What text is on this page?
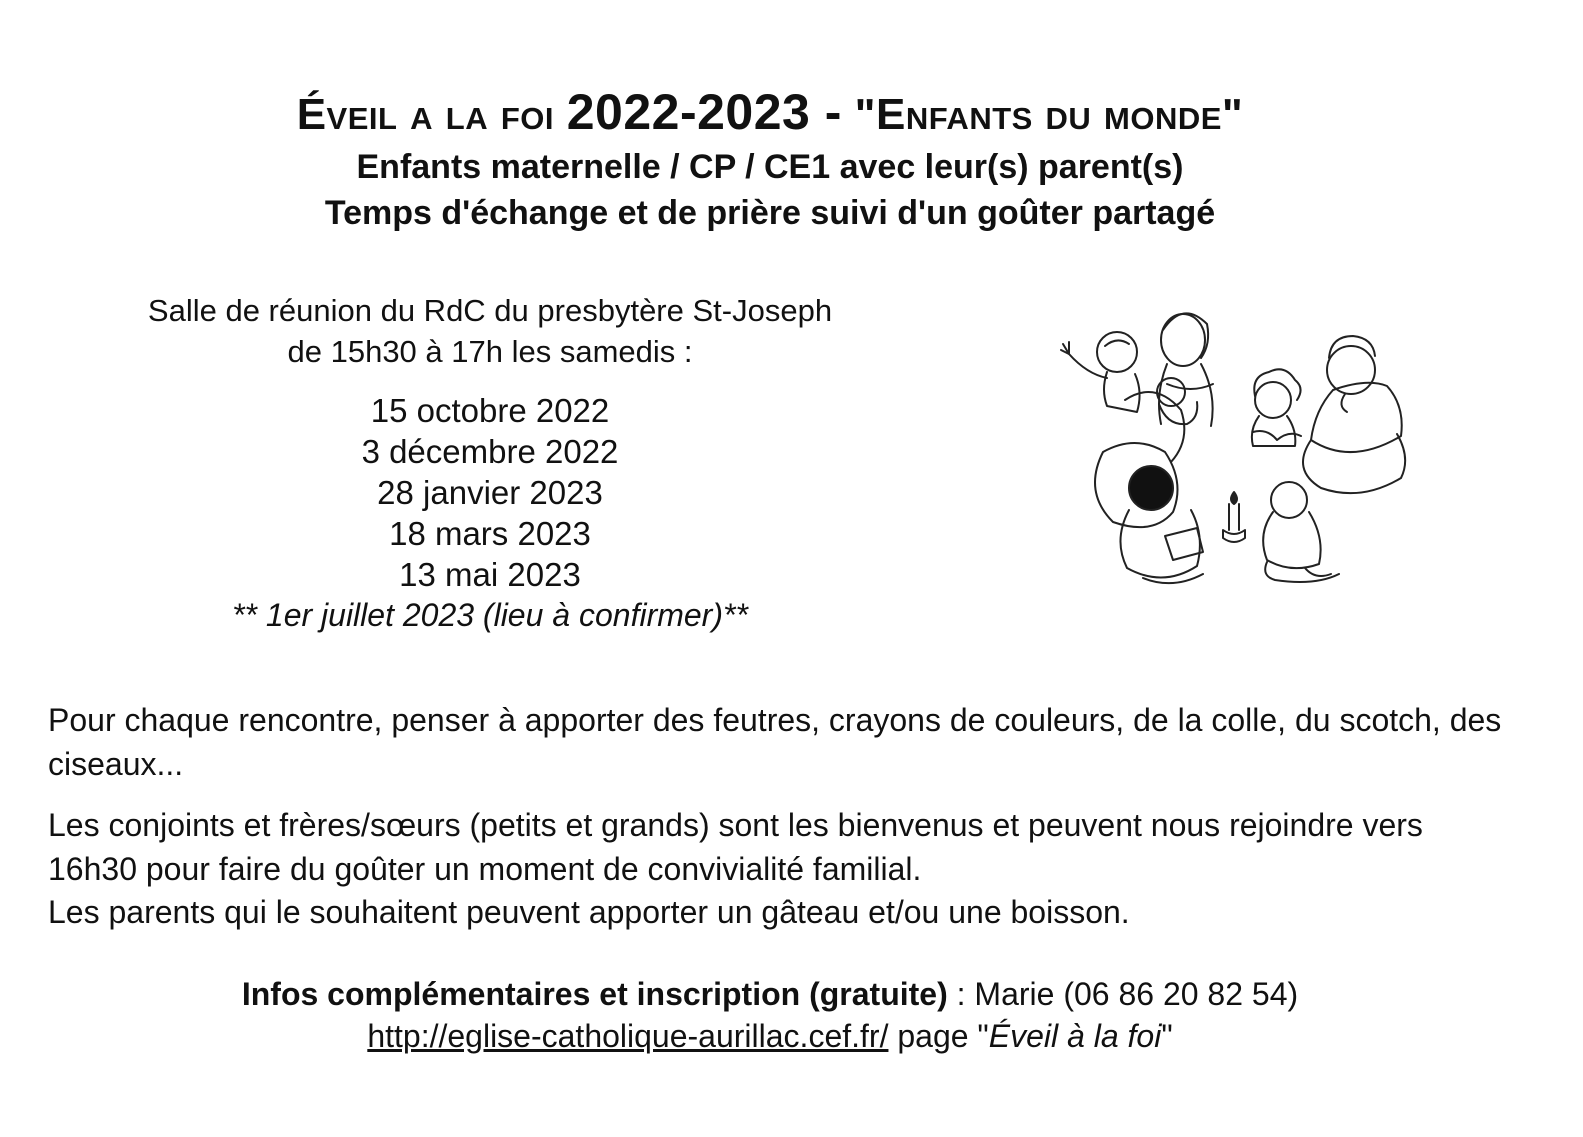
Éveil a la foi 2022-2023 - "Enfants du monde"
Enfants maternelle / CP / CE1 avec leur(s) parent(s)
Temps d'échange et de prière suivi d'un goûter partagé
Salle de réunion du RdC du presbytère St-Joseph
de 15h30 à 17h les samedis :
15 octobre 2022
3 décembre 2022
28 janvier 2023
18 mars 2023
13 mai 2023
** 1er juillet 2023 (lieu à confirmer)**
Pour chaque rencontre, penser à apporter des feutres, crayons de couleurs, de la colle, du scotch, des ciseaux...
Les conjoints et frères/sœurs (petits et grands) sont les bienvenus et peuvent nous rejoindre vers 16h30 pour faire du goûter un moment de convivialité familial.
Les parents qui le souhaitent peuvent apporter un gâteau et/ou une boisson.
Infos complémentaires et inscription (gratuite) : Marie (06 86 20 82 54)
http://eglise-catholique-aurillac.cef.fr/ page "Éveil à la foi"
